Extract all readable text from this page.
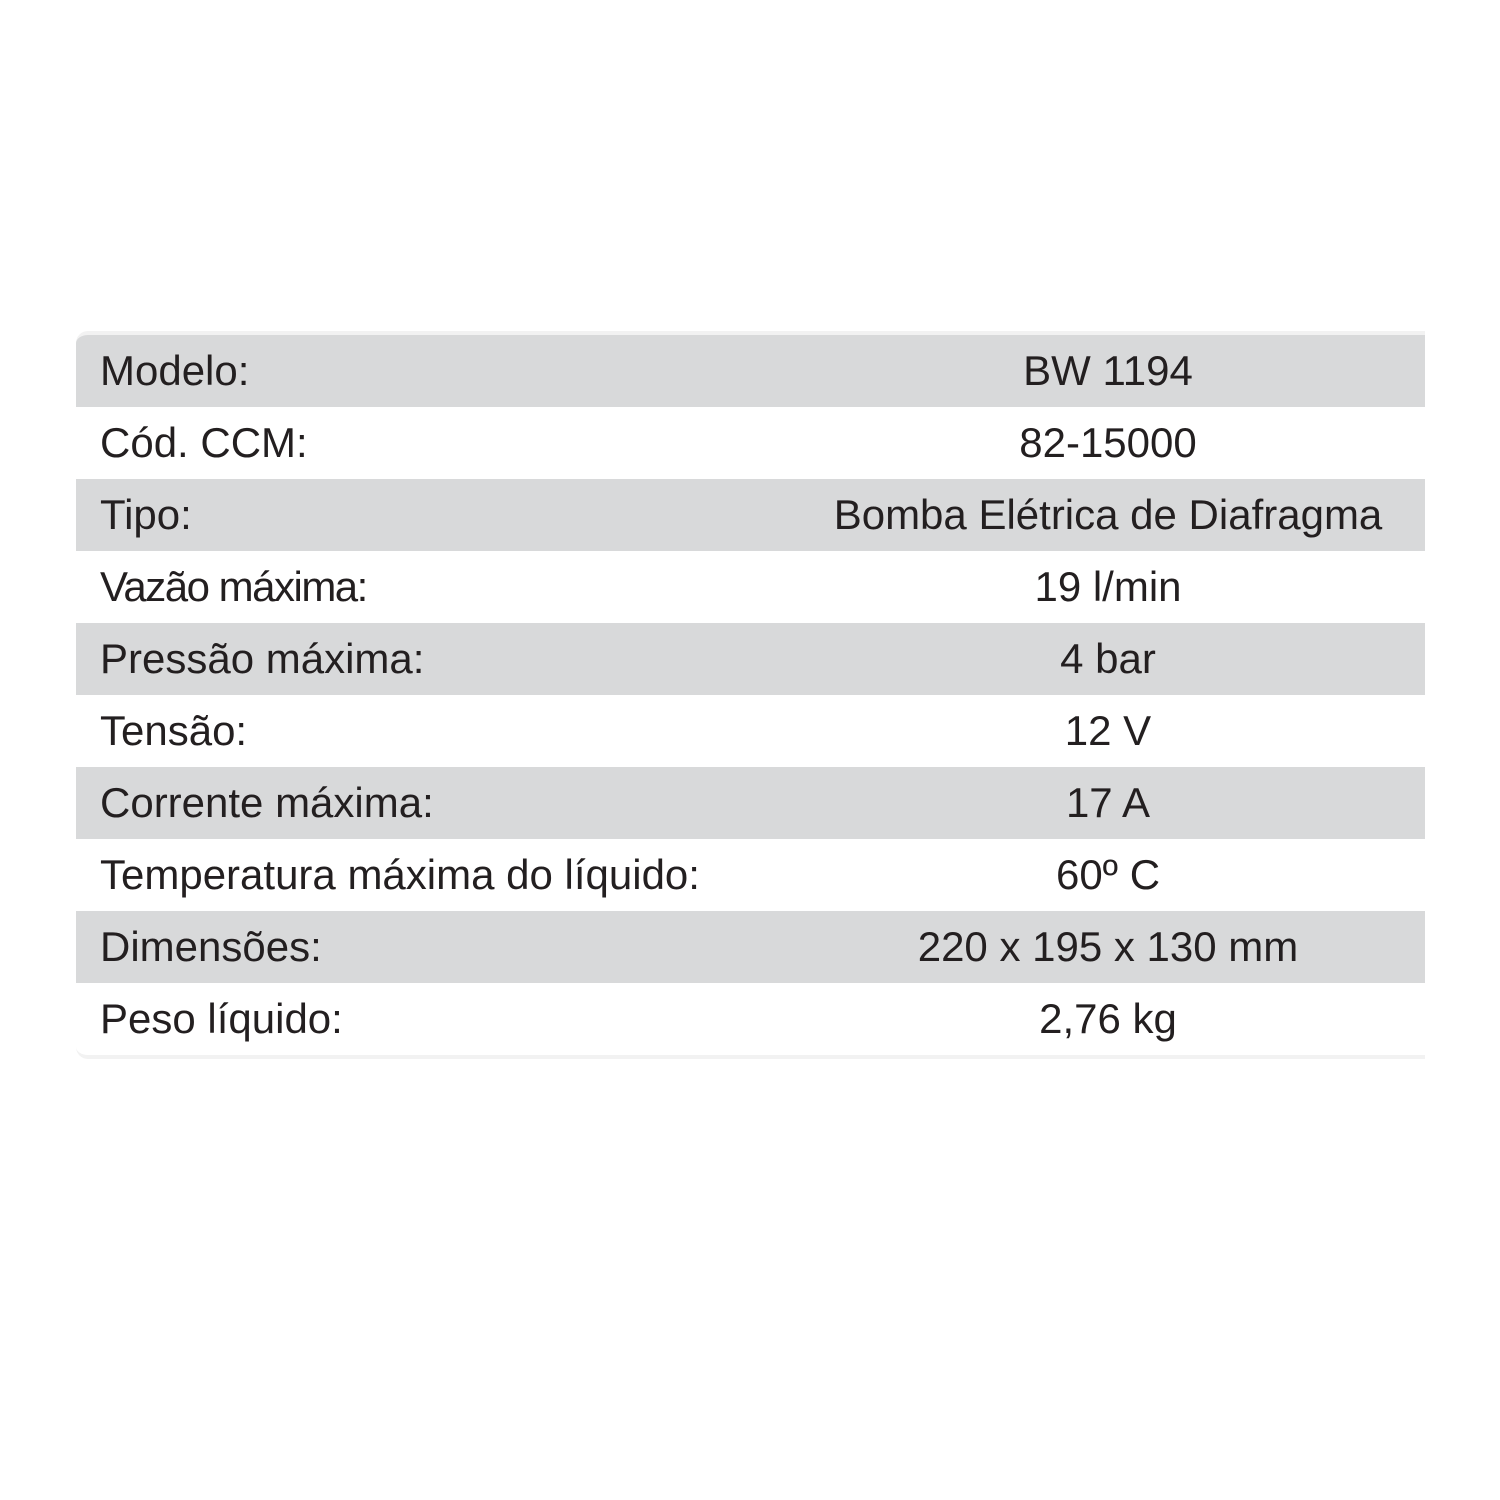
Modelo:	BW 1194
Cód. CCM:	82-15000
Tipo:	Bomba Elétrica de Diafragma
Vazão máxima:	19 l/min
Pressão máxima:	4 bar
Tensão:	12 V
Corrente máxima:	17 A
Temperatura máxima do líquido:	60º C
Dimensões:	220 x 195 x 130 mm
Peso líquido:	2,76 kg
